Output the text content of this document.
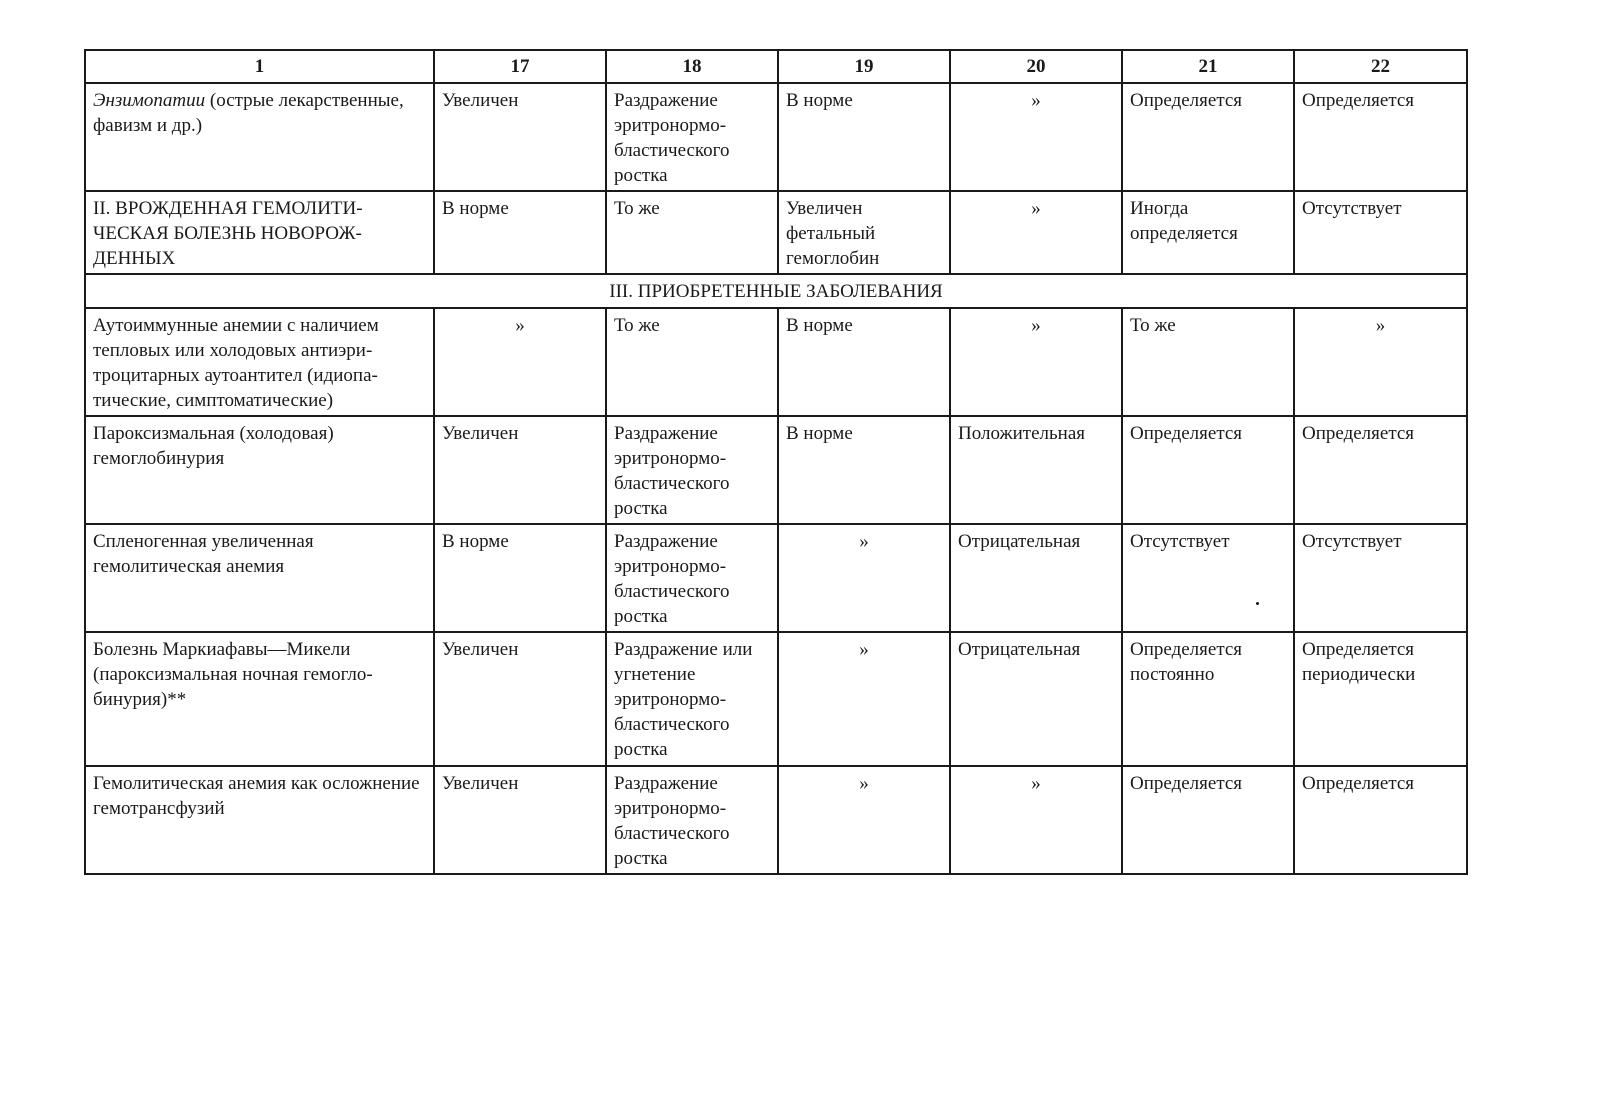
1	17	18	19	20	21	22
Энзимопатии (острые лекарственные, фавизм и др.)	Увеличен	Раздражение эритронормобластического ростка	В норме	»	Определяется	Определяется
II. ВРОЖДЕННАЯ ГЕМОЛИТИЧЕСКАЯ БОЛЕЗНЬ НОВОРОЖДЕННЫХ	В норме	То же	Увеличен фетальный гемоглобин	»	Иногда определяется	Отсутствует
III. ПРИОБРЕТЕННЫЕ ЗАБОЛЕВАНИЯ						
Аутоиммунные анемии с наличием тепловых или холодовых антиэритроцитарных аутоантител (идиопатические, симптоматические)	»	То же	В норме	»	То же	»
Пароксизмальная (холодовая) гемоглобинурия	Увеличен	Раздражение эритронормобластического ростка	В норме	Положительная	Определяется	Определяется
Спленогенная увеличенная гемолитическая анемия	В норме	Раздражение эритронормобластического ростка	»	Отрицательная	Отсутствует	Отсутствует
Болезнь Маркиафавы—Микели (пароксизмальная ночная гемоглобинурия)**	Увеличен	Раздражение или угнетение эритронормобластического ростка	»	Отрицательная	Определяется постоянно	Определяется периодически
Гемолитическая анемия как осложнение гемотрансфузий	Увеличен	Раздражение эритронормобластического ростка	»	»	Определяется	Определяется
